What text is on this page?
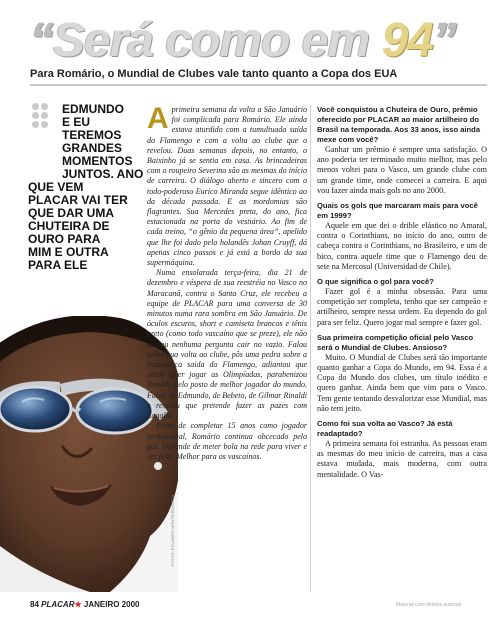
“Será como em 94”
Para Romário, o Mundial de Clubes vale tanto quanto a Copa dos EUA
EDMUNDO
E EU TEREMOS
GRANDES
MOMENTOS
JUNTOS. ANO
QUE VEM
PLACAR VAI TER
QUE DAR UMA
CHUTEIRA DE
OURO PARA
MIM E OUTRA
PARA ELE
FOTOS: EDUARDO MONTEIRO/SIGLA

Aprimeira semana da volta a São Januário foi complicada para Romário. Ele ainda estava aturdido com a tumultuada saída do Flamengo e com a volta ao clube que o revelou. Duas semanas depois, no entanto, o Baixinho já se sentia em casa. As brincadeiras com o roupeiro Severino são as mesmas do início de carreira. O diálogo aberto e sincero com o todo-poderoso Eurico Miranda segue idêntico ao da década passada. E as mordomias são flagrantes. Sua Mercedes preta, do ano, fica estacionada na porta do vestiário. Ao fim de cada treino, “o gênio da pequena área”, apelido que lhe foi dado pelo holandês Johan Cruyff, dá apenas cinco passos e já está a bordo da sua supermáquina.

Numa ensolarada terça-feira, dia 21 de dezembro e véspera de sua reestréia no Vasco no Maracanã, contra o Santa Cruz, ele recebeu a equipe de PLACAR para uma conversa de 30 minutos numa rara sombra em São Januário. De óculos escuros, short e camiseta brancos e tênis preto (como todo vascaíno que se preze), ele não deixou nenhuma pergunta cair no vazio. Falou sobre sua volta ao clube, pôs uma pedra sobre a traumática saída do Flamengo, adiantou que ainda quer jogar as Olimpíadas, parabenizou Rivaldo pelo posto de melhor jogador do mundo. Falou de Edmundo, de Bebeto, de Gílmar Rinaldi e revelou que pretende fazer as pazes com Zagallo.

Perto de completar 15 anos como jogador profissional, Romário continua obcecado pelo gol. Depende de meter bola na rede para viver e ser feliz. Melhor para os vascaínos.

Você conquistou a Chuteira de Ouro, prêmio oferecido por PLACAR ao maior artilheiro do Brasil na temporada. Aos 33 anos, isso ainda mexe com você?

Ganhar um prêmio é sempre uma satisfação. O ano poderia ter terminado muito melhor, mas pelo menos voltei para o Vasco, um grande clube com um grande time, onde comecei a carreira. E aqui vou fazer ainda mais gols no ano 2000.

Quais os gols que marcaram mais para você em 1999?

Aquele em que dei o drible elástico no Amaral, contra o Corinthians, no início do ano, outro de cabeça contra o Corinthians, no Brasileiro, e um de bico, contra aquele time que o Flamengo deu de sete na Mercosul (Universidad de Chile).

O que significa o gol para você?

Fazer gol é a minha obsessão. Para uma competição ser completa, tenho que ser campeão e artilheiro, sempre nessa ordem. Eu dependo do gol para ser feliz. Quero jogar mal sempre e fazer gol.

Sua primeira competição oficial pelo Vasco será o Mundial de Clubes. Ansioso?

Muito. O Mundial de Clubes será tão importante quanto ganhar a Copa do Mundo, em 94. Essa é a Copa do Mundo dos clubes, um título inédito e quero ganhar. Ainda bem que vim para o Vasco. Tem gente tentando desvalorizar esse Mundial, mas não tem jeito.

Como foi sua volta ao Vasco? Já está readaptado?

A primeira semana foi estranha. As pessoas eram as mesmas do meu início de carreira, mas a casa estava mudada, mais moderna, com outra mentalidade. O Vas-

84 PLACAR★ JANEIRO 2000	Material com direitos autorais
